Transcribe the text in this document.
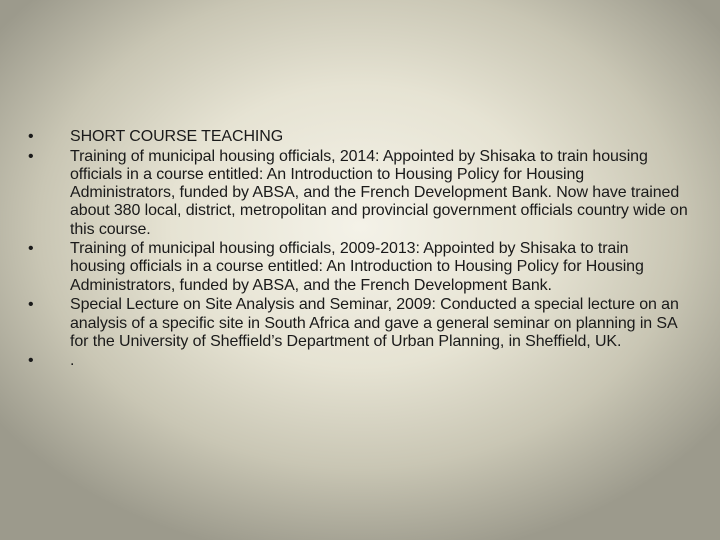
• SHORT COURSE TEACHING
• Training of municipal housing officials, 2014: Appointed by Shisaka to train housing officials in a course entitled: An Introduction to Housing Policy for Housing Administrators, funded by ABSA, and the French Development Bank. Now have trained about 380 local, district, metropolitan and provincial government officials country wide on this course.
• Training of municipal housing officials, 2009-2013: Appointed by Shisaka to train housing officials in a course entitled: An Introduction to Housing Policy for Housing Administrators, funded by ABSA, and the French Development Bank.
• Special Lecture on Site Analysis and Seminar, 2009: Conducted a special lecture on an analysis of a specific site in South Africa and gave a general seminar on planning in SA for the University of Sheffield’s Department of Urban Planning, in Sheffield, UK.
• .
